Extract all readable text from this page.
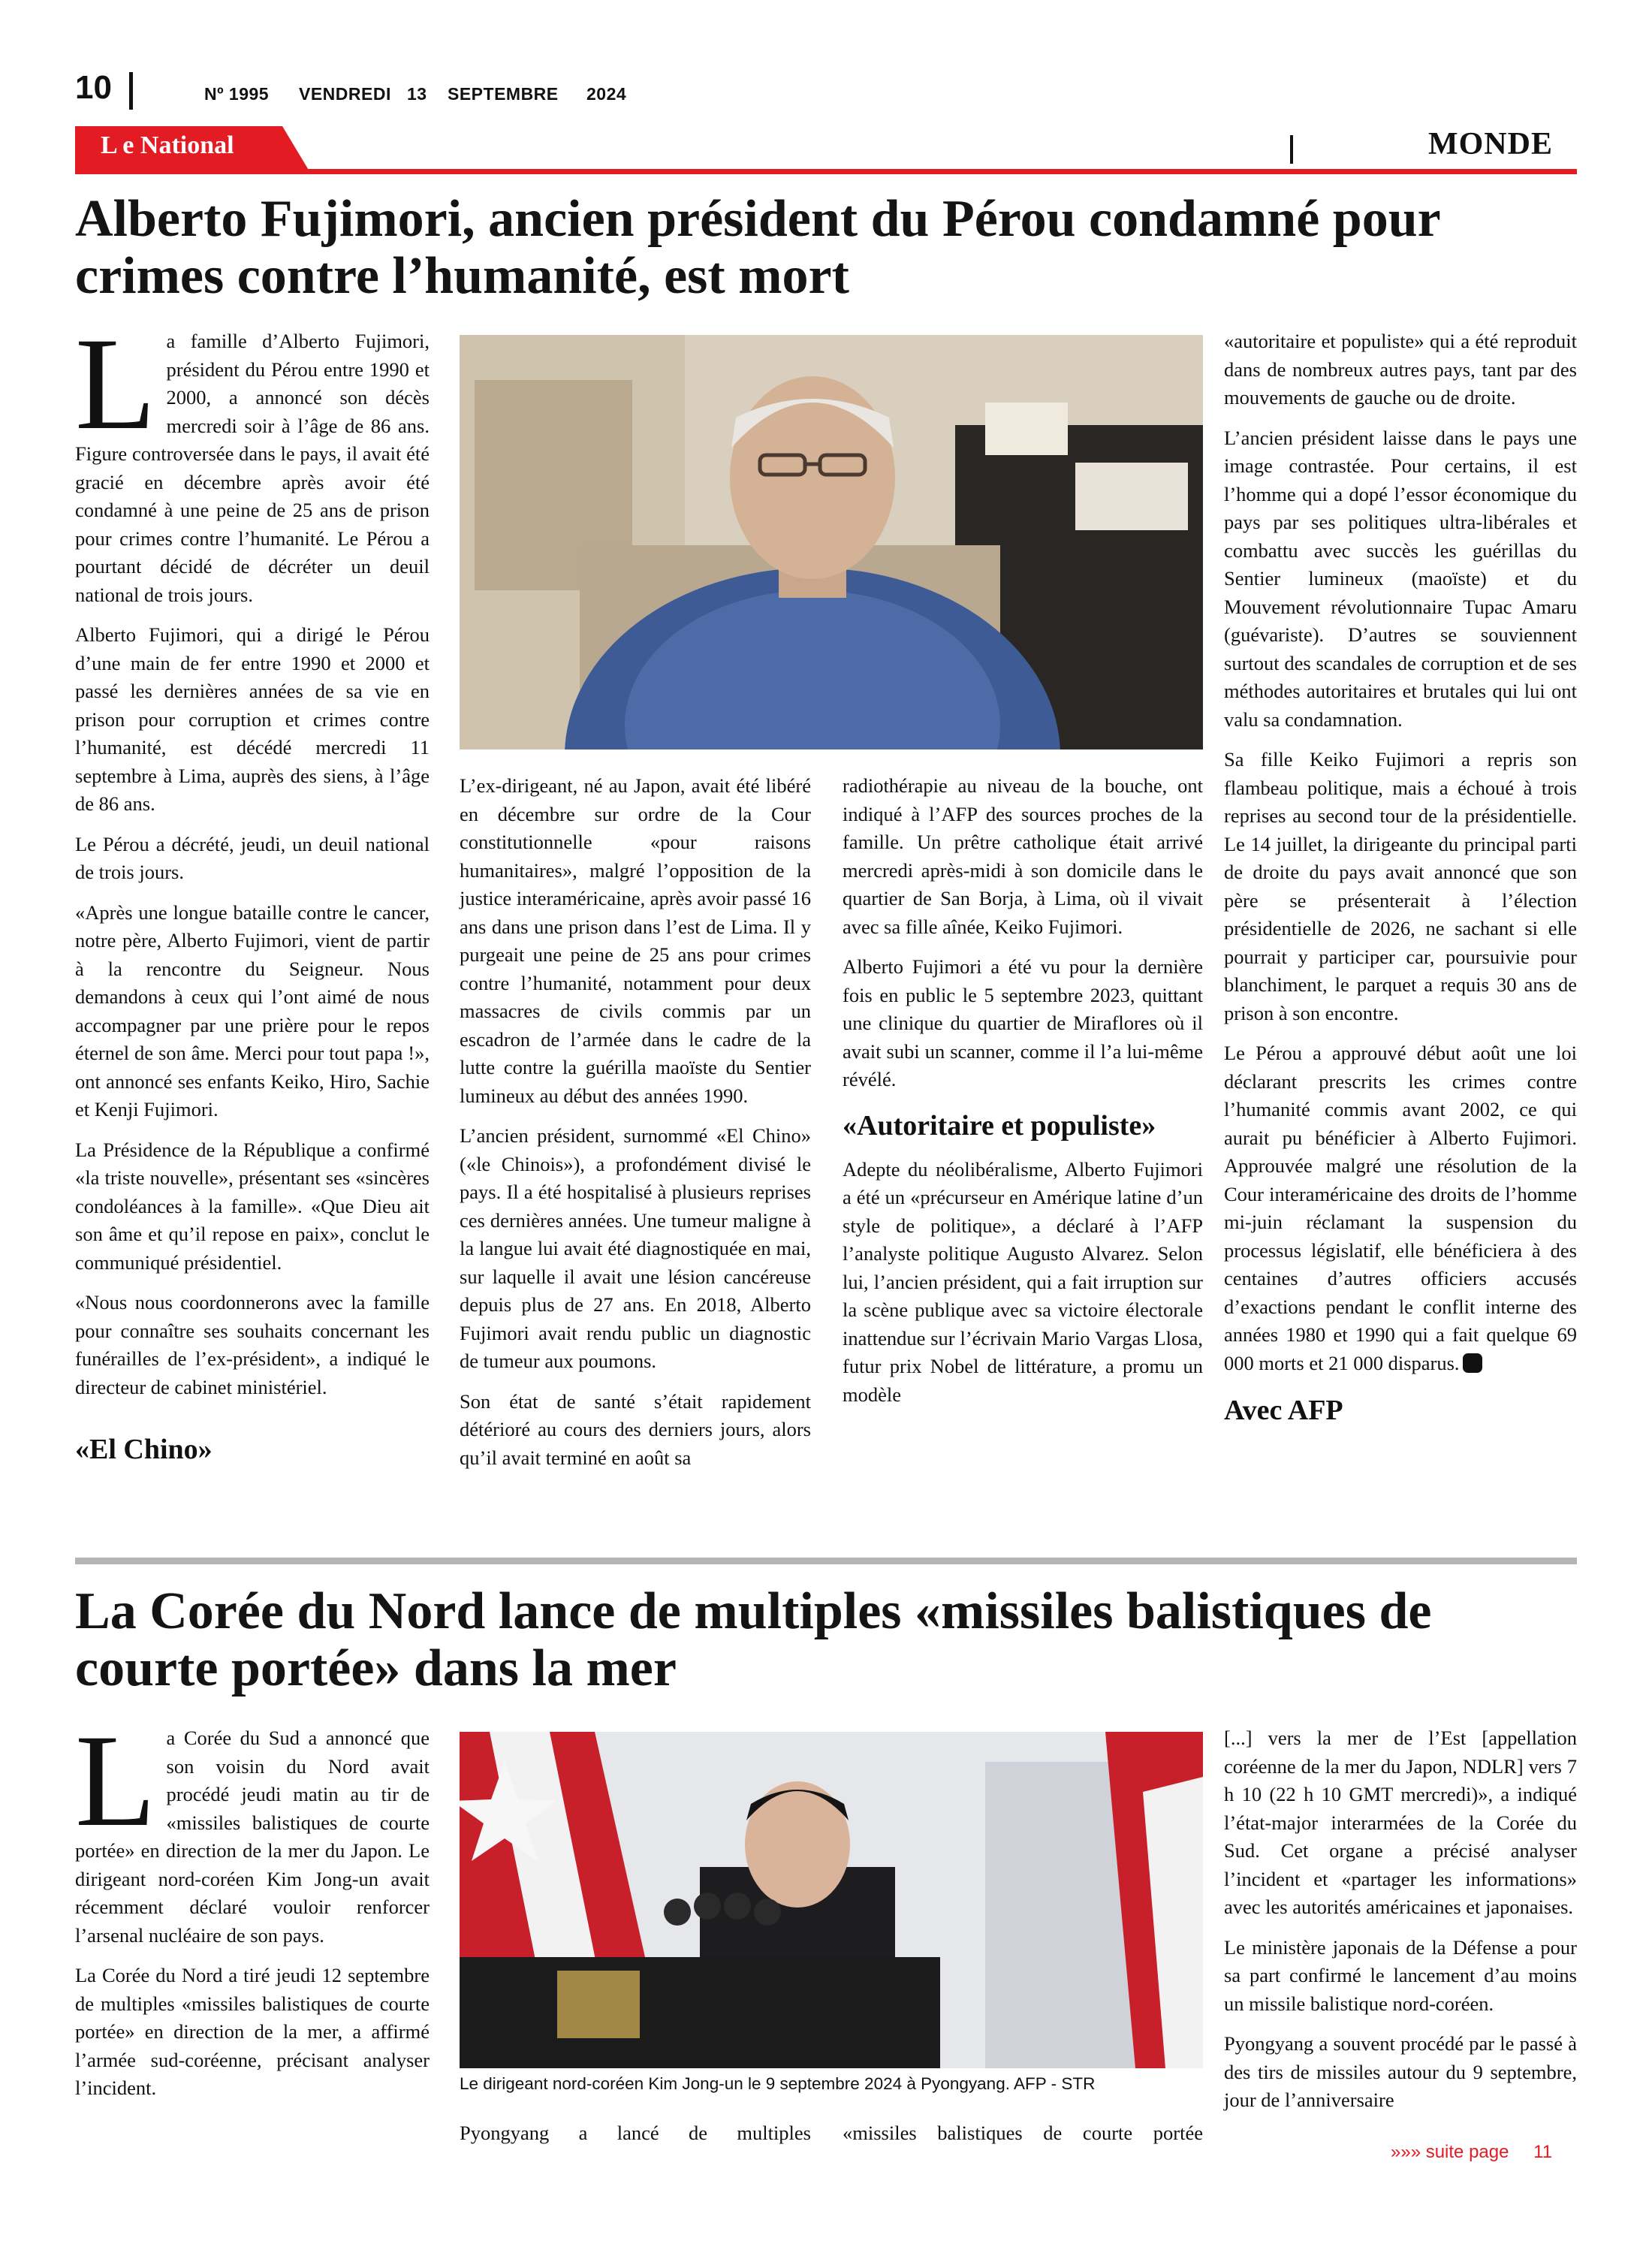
10	Nº 1995 VENDREDI 13 SEPTEMBRE 2024
L e National	MONDE
Alberto Fujimori, ancien président du Pérou condamné pour crimes contre l’humanité, est mort
L a famille d’Alberto Fujimori, président du Pérou entre 1990 et 2000, a annoncé son décès mercredi soir à l’âge de 86 ans. Figure controversée dans le pays, il avait été gracié en décembre après avoir été condamné à une peine de 25 ans de prison pour crimes contre l’humanité. Le Pérou a pourtant décidé de décréter un deuil national de trois jours.

Alberto Fujimori, qui a dirigé le Pérou d’une main de fer entre 1990 et 2000 et passé les dernières années de sa vie en prison pour corruption et crimes contre l’humanité, est décédé mercredi 11 septembre à Lima, auprès des siens, à l’âge de 86 ans.

Le Pérou a décrété, jeudi, un deuil national de trois jours.

«Après une longue bataille contre le cancer, notre père, Alberto Fujimori, vient de partir à la rencontre du Seigneur. Nous demandons à ceux qui l’ont aimé de nous accompagner par une prière pour le repos éternel de son âme. Merci pour tout papa !», ont annoncé ses enfants Keiko, Hiro, Sachie et Kenji Fujimori.

La Présidence de la République a confirmé «la triste nouvelle», présentant ses «sincères condoléances à la famille». «Que Dieu ait son âme et qu’il repose en paix», conclut le communiqué présidentiel.

«Nous nous coordonnerons avec la famille pour connaître ses souhaits concernant les funérailles de l’ex-président», a indiqué le directeur de cabinet ministériel.

«El Chino»

L’ex-dirigeant, né au Japon, avait été libéré en décembre sur ordre de la Cour constitutionnelle «pour raisons humanitaires», malgré l’opposition de la justice interaméricaine, après avoir passé 16 ans dans une prison dans l’est de Lima. Il y purgeait une peine de 25 ans pour crimes contre l’humanité, notamment pour deux massacres de civils commis par un escadron de l’armée dans le cadre de la lutte contre la guérilla maoïste du Sentier lumineux au début des années 1990.

L’ancien président, surnommé «El Chino» («le Chinois»), a profondément divisé le pays. Il a été hospitalisé à plusieurs reprises ces dernières années. Une tumeur maligne à la langue lui avait été diagnostiquée en mai, sur laquelle il avait une lésion cancéreuse depuis plus de 27 ans. En 2018, Alberto Fujimori avait rendu public un diagnostic de tumeur aux poumons.

Son état de santé s’était rapidement détérioré au cours des derniers jours, alors qu’il avait terminé en août sa

radiothérapie au niveau de la bouche, ont indiqué à l’AFP des sources proches de la famille. Un prêtre catholique était arrivé mercredi après-midi à son domicile dans le quartier de San Borja, à Lima, où il vivait avec sa fille aînée, Keiko Fujimori.

Alberto Fujimori a été vu pour la dernière fois en public le 5 septembre 2023, quittant une clinique du quartier de Miraflores où il avait subi un scanner, comme il l’a lui-même révélé.

«Autoritaire et populiste»

Adepte du néolibéralisme, Alberto Fujimori a été un «précurseur en Amérique latine d’un style de politique», a déclaré à l’AFP l’analyste politique Augusto Alvarez. Selon lui, l’ancien président, qui a fait irruption sur la scène publique avec sa victoire électorale inattendue sur l’écrivain Mario Vargas Llosa, futur prix Nobel de littérature, a promu un modèle

«autoritaire et populiste» qui a été reproduit dans de nombreux autres pays, tant par des mouvements de gauche ou de droite.

L’ancien président laisse dans le pays une image contrastée. Pour certains, il est l’homme qui a dopé l’essor économique du pays par ses politiques ultra-libérales et combattu avec succès les guérillas du Sentier lumineux (maoïste) et du Mouvement révolutionnaire Tupac Amaru (guévariste). D’autres se souviennent surtout des scandales de corruption et de ses méthodes autoritaires et brutales qui lui ont valu sa condamnation.

Sa fille Keiko Fujimori a repris son flambeau politique, mais a échoué à trois reprises au second tour de la présidentielle. Le 14 juillet, la dirigeante du principal parti de droite du pays avait annoncé que son père se présenterait à l’élection présidentielle de 2026, ne sachant si elle pourrait y participer car, poursuivie pour blanchiment, le parquet a requis 30 ans de prison à son encontre.

Le Pérou a approuvé début août une loi déclarant prescrits les crimes contre l’humanité commis avant 2002, ce qui aurait pu bénéficier à Alberto Fujimori. Approuvée malgré une résolution de la Cour interaméricaine des droits de l’homme mi-juin réclamant la suspension du processus législatif, elle bénéficiera à des centaines d’autres officiers accusés d’exactions pendant le conflit interne des années 1980 et 1990 qui a fait quelque 69 000 morts et 21 000 disparus.

Avec AFP
La Corée du Nord lance de multiples «missiles balistiques de courte portée» dans la mer
L a Corée du Sud a annoncé que son voisin du Nord avait procédé jeudi matin au tir de «missiles balistiques de courte portée» en direction de la mer du Japon. Le dirigeant nord-coréen Kim Jong-un avait récemment déclaré vouloir renforcer l’arsenal nucléaire de son pays.

La Corée du Nord a tiré jeudi 12 septembre de multiples «missiles balistiques de courte portée» en direction de la mer, a affirmé l’armée sud-coréenne, précisant analyser l’incident.	Le dirigeant nord-coréen Kim Jong-un le 9 septembre 2024 à Pyongyang. AFP - STR

Pyongyang a lancé de multiples «missiles balistiques de courte portée

[...] vers la mer de l’Est [appellation coréenne de la mer du Japon, NDLR] vers 7 h 10 (22 h 10 GMT mercredi)», a indiqué l’état-major interarmées de la Corée du Sud. Cet organe a précisé analyser l’incident et «partager les informations» avec les autorités américaines et japonaises.

Le ministère japonais de la Défense a pour sa part confirmé le lancement d’au moins un missile balistique nord-coréen.

Pyongyang a souvent procédé par le passé à des tirs de missiles autour du 9 septembre, jour de l’anniversaire

»»» suite page 11
